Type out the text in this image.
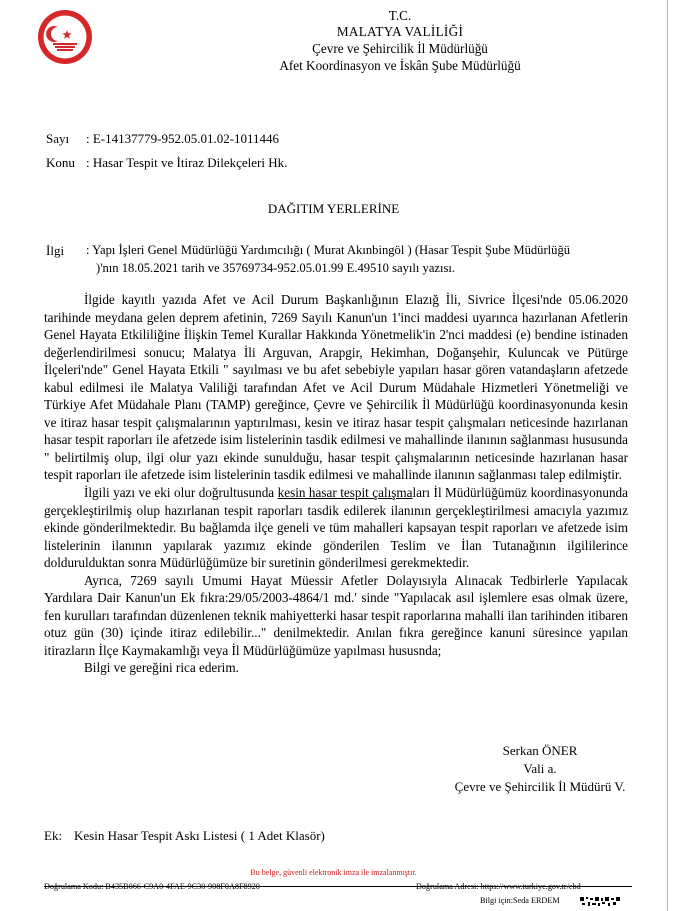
T.C.
MALATYA VALİLİĞİ
Çevre ve Şehircilik İl Müdürlüğü
Afet Koordinasyon ve İskân Şube Müdürlüğü
Sayı : E-14137779-952.05.01.02-1011446
Konu : Hasar Tespit ve İtiraz Dilekçeleri Hk.
DAĞITIM YERLERİNE
İlgi : Yapı İşleri Genel Müdürlüğü Yardımcılığı ( Murat Akınbingöl ) (Hasar Tespit Şube Müdürlüğü
)'nın 18.05.2021 tarih ve 35769734-952.05.01.99 E.49510 sayılı yazısı.

İlgide kayıtlı yazıda Afet ve Acil Durum Başkanlığının Elazığ İli, Sivrice İlçesi'nde 05.06.2020 tarihinde meydana gelen deprem afetinin, 7269 Sayılı Kanun'un 1'inci maddesi uyarınca hazırlanan Afetlerin Genel Hayata Etkililiğine İlişkin Temel Kurallar Hakkında Yönetmelik'in 2'nci maddesi (e) bendine istinaden değerlendirilmesi sonucu; Malatya İli Arguvan, Arapgir, Hekimhan, Doğanşehir, Kuluncak ve Pütürge İlçeleri'nde" Genel Hayata Etkili " sayılması ve bu afet sebebiyle yapıları hasar gören vatandaşların afetzede kabul edilmesi ile Malatya Valiliği tarafından Afet ve Acil Durum Müdahale Hizmetleri Yönetmeliği ve Türkiye Afet Müdahale Planı (TAMP) gereğince, Çevre ve Şehircilik İl Müdürlüğü koordinasyonunda kesin ve itiraz hasar tespit çalışmalarının yaptırılması, kesin ve itiraz hasar tespit çalışmaları neticesinde hazırlanan hasar tespit raporları ile afetzede isim listelerinin tasdik edilmesi ve mahallinde ilanının sağlanması hususunda " belirtilmiş olup, ilgi olur yazı ekinde sunulduğu, hasar tespit çalışmalarının neticesinde hazırlanan hasar tespit raporları ile afetzede isim listelerinin tasdik edilmesi ve mahallinde ilanının sağlanması talep edilmiştir.

İlgili yazı ve eki olur doğrultusunda kesin hasar tespit çalışmaları İl Müdürlüğümüz koordinasyonunda gerçekleştirilmiş olup hazırlanan tespit raporları tasdik edilerek ilanının gerçekleştirilmesi amacıyla yazımız ekinde gönderilmektedir. Bu bağlamda ilçe geneli ve tüm mahalleri kapsayan tespit raporları ve afetzede isim listelerinin ilanının yapılarak yazımız ekinde gönderilen Teslim ve İlan Tutanağının ilgililerince doldurulduktan sonra Müdürlüğümüze bir suretinin gönderilmesi gerekmektedir.

Ayrıca, 7269 sayılı Umumi Hayat Müessir Afetler Dolayısıyla Alınacak Tedbirlerle Yapılacak Yardılara Dair Kanun'un Ek fıkra:29/05/2003-4864/1 md.' sinde "Yapılacak asıl işlemlere esas olmak üzere, fen kurulları tarafından düzenlenen teknik mahiyetterki hasar tespit raporlarına mahalli ilan tarihinden itibaren otuz gün (30) içinde itiraz edilebilir..." denilmektedir. Anılan fıkra gereğince kanuni süresince yapılan itirazların İlçe Kaymakamlığı veya İl Müdürlüğümüze yapılması hususnda;

Bilgi ve gereğini rica ederim.

Serkan ÖNER
Vali a.
Çevre ve Şehircilik İl Müdürü V.
Ek: Kesin Hasar Tespit Askı Listesi ( 1 Adet Klasör)
Bu belge, güvenli elektronik imza ile imzalanmıştır.
Doğrulama Kodu: B435B066-C9A0-4FAE-9C30-908F0A8F8920	Doğrulama Adresi: https://www.turkiye.gov.tr/ebd
Bilgi için:Seda ERDEM
